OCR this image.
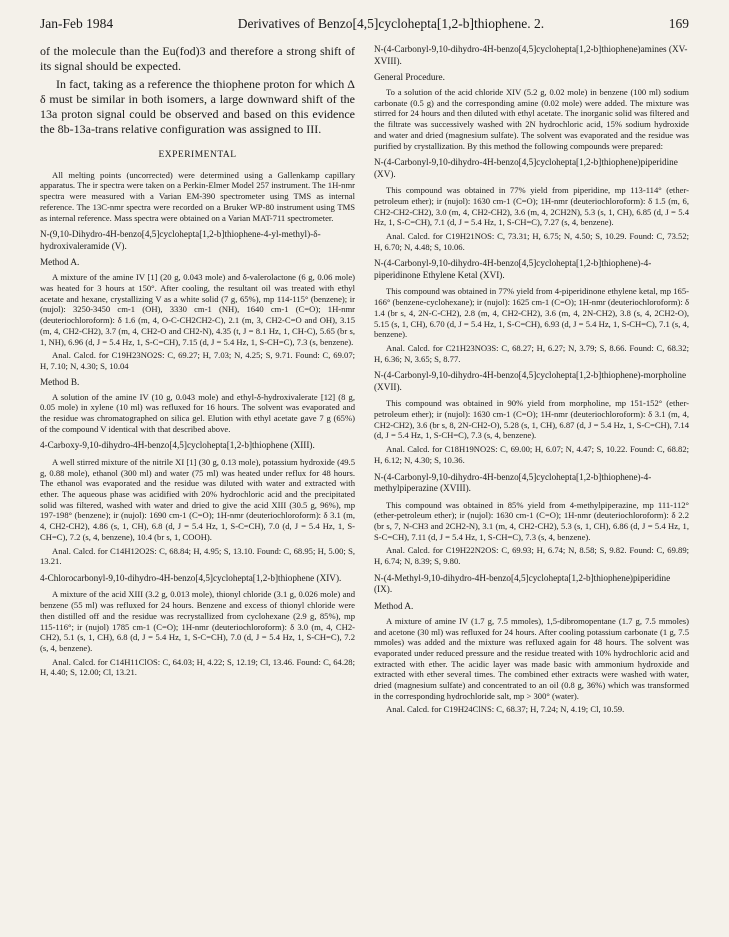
Jan-Feb 1984	Derivatives of Benzo[4,5]cyclohepta[1,2-b]thiophene. 2.	169

of the molecule than the Eu(fod)3 and therefore a strong shift of its signal should be expected.

In fact, taking as a reference the thiophene proton for which Δ δ must be similar in both isomers, a large downward shift of the 13a proton signal could be observed and based on this evidence the 8b-13a-trans relative configuration was assigned to III.

EXPERIMENTAL

All melting points (uncorrected) were determined using a Gallenkamp capillary apparatus. The ir spectra were taken on a Perkin-Elmer Model 257 instrument. The 1H-nmr spectra were measured with a Varian EM-390 spectrometer using TMS as internal reference. The 13C-nmr spectra were recorded on a Bruker WP-80 instrument using TMS as internal reference. Mass spectra were obtained on a Varian MAT-711 spectrometer.

N-(9,10-Dihydro-4H-benzo[4,5]cyclohepta[1,2-b]thiophene-4-yl-methyl)-δ-hydroxivaleramide (V).
Method A.

A mixture of the amine IV [1] (20 g, 0.043 mole) and δ-valerolactone (6 g, 0.06 mole) was heated for 3 hours at 150°. After cooling, the resultant oil was treated with ethyl acetate and hexane, crystallizing V as a white solid (7 g, 65%), mp 114-115° (benzene); ir (nujol): 3250-3450 cm-1 (OH), 3330 cm-1 (NH), 1640 cm-1 (C=O); 1H-nmr (deuteriochloroform): δ 1.6 (m, 4, O-C-CH2CH2-C), 2.1 (m, 3, CH2-C=O and OH), 3.15 (m, 4, CH2-CH2), 3.7 (m, 4, CH2-O and CH2-N), 4.35 (t, J = 8.1 Hz, 1, CH-C), 5.65 (br s, 1, NH), 6.96 (d, J = 5.4 Hz, 1, S-C=CH), 7.15 (d, J = 5.4 Hz, 1, S-CH=C), 7.3 (s, benzene).

Anal. Calcd. for C19H23NO2S: C, 69.27; H, 7.03; N, 4.25; S, 9.71. Found: C, 69.07; H, 7.10; N, 4.30; S, 10.04

Method B.

A solution of the amine IV (10 g, 0.043 mole) and ethyl-δ-hydroxivalerate [12] (8 g, 0.05 mole) in xylene (10 ml) was refluxed for 16 hours. The solvent was evaporated and the residue was chromatographed on silica gel. Elution with ethyl acetate gave 7 g (65%) of the compound V identical with that described above.

4-Carboxy-9,10-dihydro-4H-benzo[4,5]cyclohepta[1,2-b]thiophene (XIII).

A well stirred mixture of the nitrile XI [1] (30 g, 0.13 mole), potassium hydroxide (49.5 g, 0.88 mole), ethanol (300 ml) and water (75 ml) was heated under reflux for 48 hours. The ethanol was evaporated and the residue was diluted with water and extracted with ether. The aqueous phase was acidified with 20% hydrochloric acid and the precipitated solid was filtered, washed with water and dried to give the acid XIII (30.5 g, 96%), mp 197-198° (benzene); ir (nujol): 1690 cm-1 (C=O); 1H-nmr (deuteriochloroform): δ 3.1 (m, 4, CH2-CH2), 4.86 (s, 1, CH), 6.8 (d, J = 5.4 Hz, 1, S-C=CH), 7.0 (d, J = 5.4 Hz, 1, S-CH=C), 7.2 (s, 4, benzene), 10.4 (br s, 1, COOH).

Anal. Calcd. for C14H12O2S: C, 68.84; H, 4.95; S, 13.10. Found: C, 68.95; H, 5.00; S, 13.21.

4-Chlorocarbonyl-9,10-dihydro-4H-benzo[4,5]cyclohepta[1,2-b]thiophene (XIV).

A mixture of the acid XIII (3.2 g, 0.013 mole), thionyl chloride (3.1 g, 0.026 mole) and benzene (55 ml) was refluxed for 24 hours. Benzene and excess of thionyl chloride were then distilled off and the residue was recrystallized from cyclohexane (2.9 g, 85%), mp 115-116°; ir (nujol) 1785 cm-1 (C=O); 1H-nmr (deuteriochloroform): δ 3.0 (m, 4, CH2-CH2), 5.1 (s, 1, CH), 6.8 (d, J = 5.4 Hz, 1, S-C=CH), 7.0 (d, J = 5.4 Hz, 1, S-CH=C), 7.2 (s, 4, benzene).

Anal. Calcd. for C14H11ClOS: C, 64.03; H, 4.22; S, 12.19; Cl, 13.46. Found: C, 64.28; H, 4.40; S, 12.00; Cl, 13.21.

N-(4-Carbonyl-9,10-dihydro-4H-benzo[4,5]cyclohepta[1,2-b]thiophene)amines (XV-XVIII).
General Procedure.

To a solution of the acid chloride XIV (5.2 g, 0.02 mole) in benzene (100 ml) sodium carbonate (0.5 g) and the corresponding amine (0.02 mole) were added. The mixture was stirred for 24 hours and then diluted with ethyl acetate. The inorganic solid was filtered and the filtrate was successively washed with 2N hydrochloric acid, 15% sodium hydroxide and water and dried (magnesium sulfate). The solvent was evaporated and the residue was purified by crystallization. By this method the following compounds were prepared:

N-(4-Carbonyl-9,10-dihydro-4H-benzo[4,5]cyclohepta[1,2-b]thiophene)piperidine (XV).

This compound was obtained in 77% yield from piperidine, mp 113-114° (ether-petroleum ether); ir (nujol): 1630 cm-1 (C=O); 1H-nmr (deuteriochloroform): δ 1.5 (m, 6, CH2-CH2-CH2), 3.0 (m, 4, CH2-CH2), 3.6 (m, 4, 2CH2N), 5.3 (s, 1, CH), 6.85 (d, J = 5.4 Hz, 1, S-C=CH), 7.1 (d, J = 5.4 Hz, 1, S-CH=C), 7.27 (s, 4, benzene).

Anal. Calcd. for C19H21NOS: C, 73.31; H, 6.75; N, 4.50; S, 10.29. Found: C, 73.52; H, 6.70; N, 4.48; S, 10.06.

N-(4-Carbonyl-9,10-dihydro-4H-benzo[4,5]cyclohepta[1,2-b]thiophene)-4-piperidinone Ethylene Ketal (XVI).

This compound was obtained in 77% yield from 4-piperidinone ethylene ketal, mp 165-166° (benzene-cyclohexane); ir (nujol): 1625 cm-1 (C=O); 1H-nmr (deuteriochloroform): δ 1.4 (br s, 4, 2N-C-CH2), 2.8 (m, 4, CH2-CH2), 3.6 (m, 4, 2N-CH2), 3.8 (s, 4, 2CH2-O), 5.15 (s, 1, CH), 6.70 (d, J = 5.4 Hz, 1, S-C=CH), 6.93 (d, J = 5.4 Hz, 1, S-CH=C), 7.1 (s, 4, benzene).

Anal. Calcd. for C21H23NO3S: C, 68.27; H, 6.27; N, 3.79; S, 8.66. Found: C, 68.32; H, 6.36; N, 3.65; S, 8.77.

N-(4-Carbonyl-9,10-dihydro-4H-benzo[4,5]cyclohepta[1,2-b]thiophene)-morpholine (XVII).

This compound was obtained in 90% yield from morpholine, mp 151-152° (ether-petroleum ether); ir (nujol): 1630 cm-1 (C=O); 1H-nmr (deuteriochloroform): δ 3.1 (m, 4, CH2-CH2), 3.6 (br s, 8, 2N-CH2-O), 5.28 (s, 1, CH), 6.87 (d, J = 5.4 Hz, 1, S-C=CH), 7.14 (d, J = 5.4 Hz, 1, S-CH=C), 7.3 (s, 4, benzene).

Anal. Calcd. for C18H19NO2S: C, 69.00; H, 6.07; N, 4.47; S, 10.22. Found: C, 68.82; H, 6.12; N, 4.30; S, 10.36.

N-(4-Carbonyl-9,10-dihydro-4H-benzo[4,5]cyclohepta[1,2-b]thiophene)-4-methylpiperazine (XVIII).

This compound was obtained in 85% yield from 4-methylpiperazine, mp 111-112° (ether-petroleum ether); ir (nujol): 1630 cm-1 (C=O); 1H-nmr (deuteriochloroform): δ 2.2 (br s, 7, N-CH3 and 2CH2-N), 3.1 (m, 4, CH2-CH2), 5.3 (s, 1, CH), 6.86 (d, J = 5.4 Hz, 1, S-C=CH), 7.11 (d, J = 5.4 Hz, 1, S-CH=C), 7.3 (s, 4, benzene).

Anal. Calcd. for C19H22N2OS: C, 69.93; H, 6.74; N, 8.58; S, 9.82. Found: C, 69.89; H, 6.74; N, 8.39; S, 9.80.

N-(4-Methyl-9,10-dihydro-4H-benzo[4,5]cyclohepta[1,2-b]thiophene)piperidine (IX).
Method A.

A mixture of amine IV (1.7 g, 7.5 mmoles), 1,5-dibromopentane (1.7 g, 7.5 mmoles) and acetone (30 ml) was refluxed for 24 hours. After cooling potassium carbonate (1 g, 7.5 mmoles) was added and the mixture was refluxed again for 48 hours. The solvent was evaporated under reduced pressure and the residue treated with 10% hydrochloric acid and extracted with ether. The acidic layer was made basic with ammonium hydroxide and extracted with ether several times. The combined ether extracts were washed with water, dried (magnesium sulfate) and concentrated to an oil (0.8 g, 36%) which was transformed in the corresponding hydrochloride salt, mp > 300° (water).

Anal. Calcd. for C19H24ClNS: C, 68.37; H, 7.24; N, 4.19; Cl, 10.59.
